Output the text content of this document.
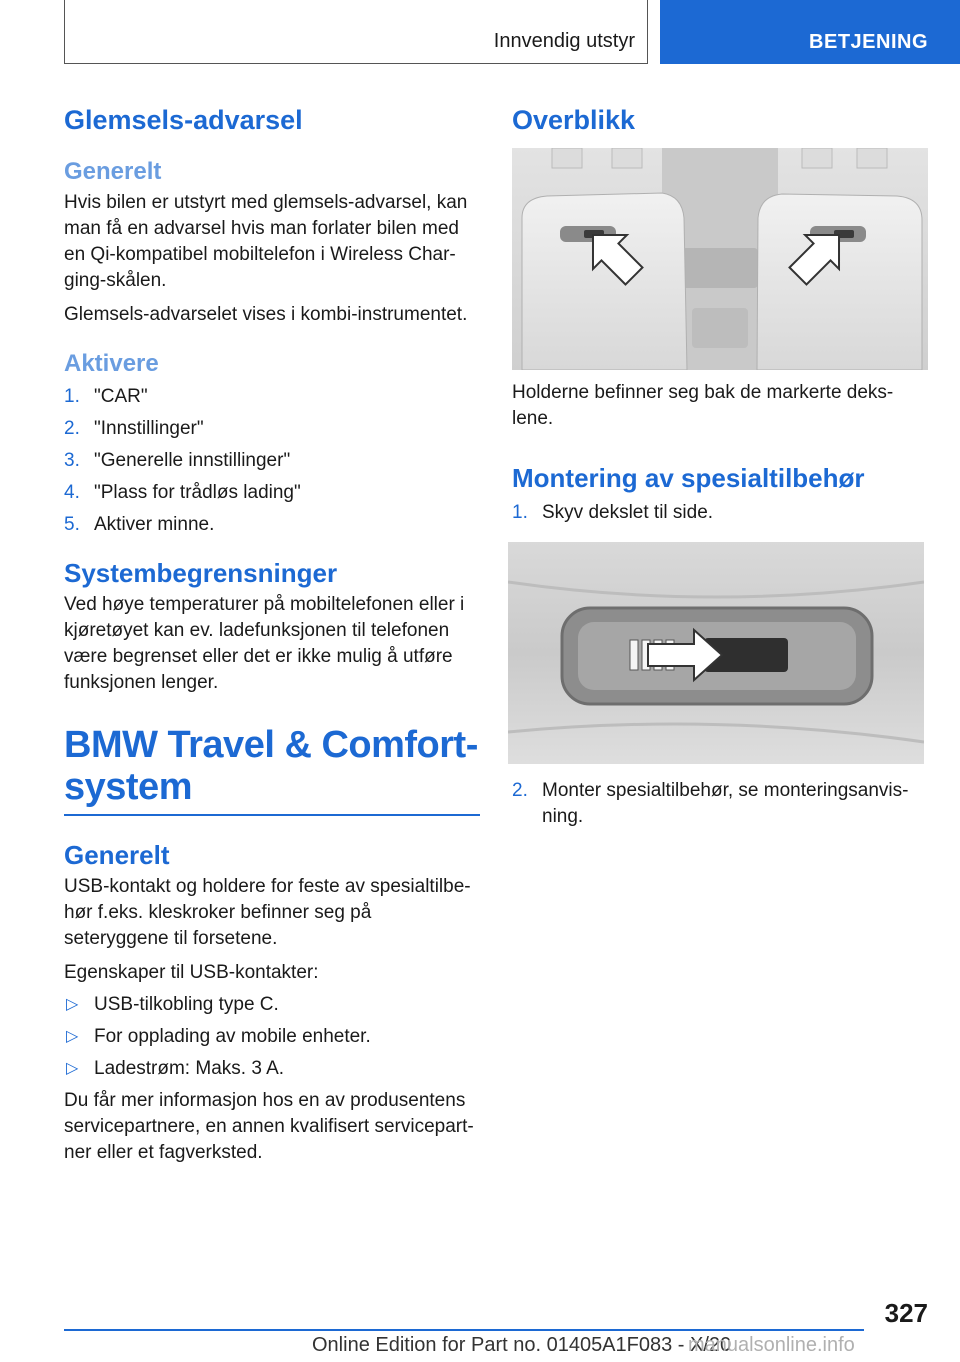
Innvendig utstyr	BETJENING
Glemsels-advarsel
Generelt

Hvis bilen er utstyrt med glemsels-advarsel, kan man få en advarsel hvis man forlater bilen med en Qi-kompatibel mobiltelefon i Wireless Char-ging-skålen.

Glemsels-advarselet vises i kombi-instrumentet.

Aktivere
1. "CAR"
2. "Innstillinger"
3. "Generelle innstillinger"
4. "Plass for trådløs lading"
5. Aktiver minne.
Systembegrensninger

Ved høye temperaturer på mobiltelefonen eller i kjøretøyet kan ev. ladefunksjonen til telefonen være begrenset eller det er ikke mulig å utføre funksjonen lenger.

BMW Travel & Comfort-
system
Generelt

USB-kontakt og holdere for feste av spesialtilbe-hør f.eks. kleskroker befinner seg på seteryggene til forsetene.

Egenskaper til USB-kontakter:

▷ USB-tilkobling type C.
▷ For opplading av mobile enheter.
▷ Ladestrøm: Maks. 3 A.

Du får mer informasjon hos en av produsentens servicepartnere, en annen kvalifisert servicepart-ner eller et fagverksted.

Overblikk

Holderne befinner seg bak de markerte deks-lene.

Montering av spesialtilbehør
1. Skyv dekslet til side.
2. Monter spesialtilbehør, se monteringsanvis-ning.
327
Online Edition for Part no. 01405A1F083 - X/20
manualsonline.info
